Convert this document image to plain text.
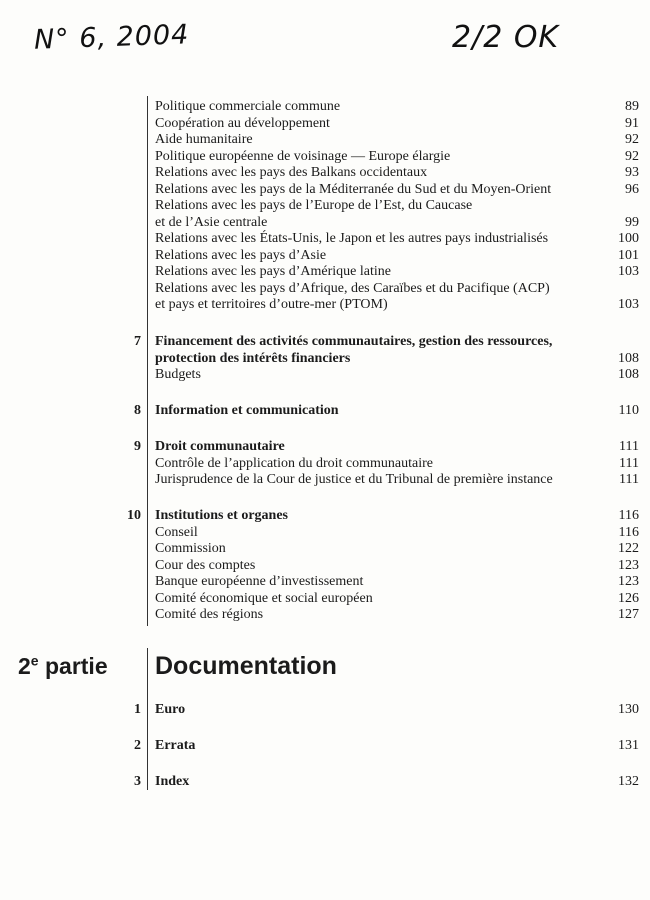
N° 6, 2004	2/2 OK
Politique commerciale commune	89
Coopération au développement	91
Aide humanitaire	92
Politique européenne de voisinage — Europe élargie	92
Relations avec les pays des Balkans occidentaux	93
Relations avec les pays de la Méditerranée du Sud et du Moyen-Orient	96
Relations avec les pays de l’Europe de l’Est, du Caucase
et de l’Asie centrale	99
Relations avec les États-Unis, le Japon et les autres pays industrialisés	100
Relations avec les pays d’Asie	101
Relations avec les pays d’Amérique latine	103
Relations avec les pays d’Afrique, des Caraïbes et du Pacifique (ACP)
et pays et territoires d’outre-mer (PTOM)	103
7 Financement des activités communautaires, gestion des ressources,
protection des intérêts financiers	108
Budgets	108
8 Information et communication	110
9 Droit communautaire	111
Contrôle de l’application du droit communautaire	111
Jurisprudence de la Cour de justice et du Tribunal de première instance	111
10 Institutions et organes	116
Conseil	116
Commission	122
Cour des comptes	123
Banque européenne d’investissement	123
Comité économique et social européen	126
Comité des régions	127
2e partie Documentation
1 Euro	130
2 Errata	131
3 Index	132
